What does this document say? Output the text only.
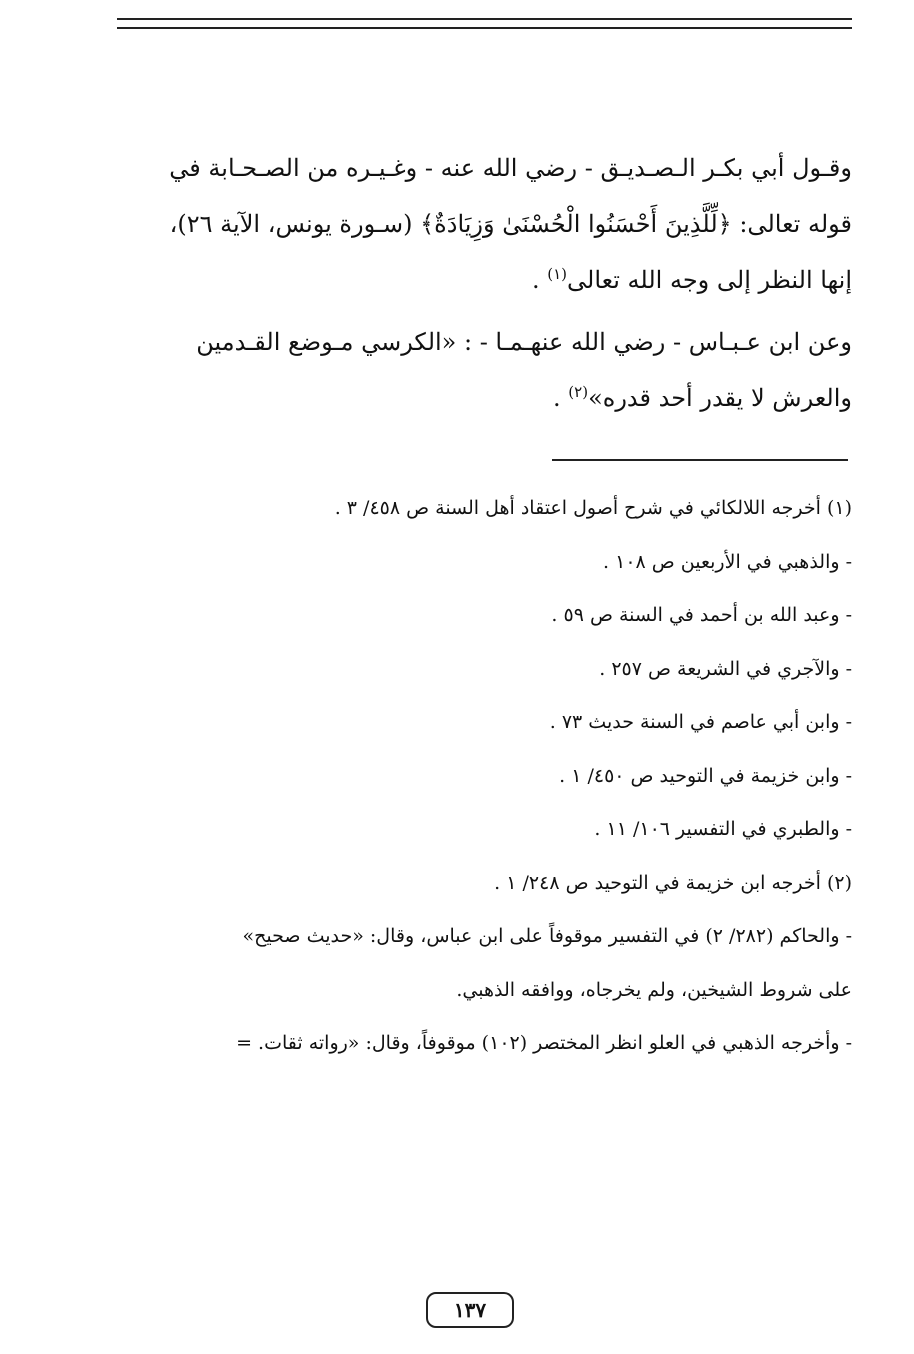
وقـول أبي بكـر الـصـديـق - رضي الله عنه - وغـيـره من الصـحـابة في
قوله تعالى: ﴿لِّلَّذِينَ أَحْسَنُوا الْحُسْنَىٰ وَزِيَادَةٌ﴾ (سـورة يونس، الآية ٢٦)،
إنها النظر إلى وجه الله تعالى$^{(١)}$ .
وعن ابن عـبـاس - رضي الله عنهـمـا - : «الكرسي مـوضع القـدمين
والعرش لا يقدر أحد قدره»$^{(٢)}$ .
(١) أخرجه اللالكائي في شرح أصول اعتقاد أهل السنة ص ٤٥٨/ ٣ .
- والذهبي في الأربعين ص ١٠٨ .
- وعبد الله بن أحمد في السنة ص ٥٩ .
- والآجري في الشريعة ص ٢٥٧ .
- وابن أبي عاصم في السنة حديث ٧٣ .
- وابن خزيمة في التوحيد ص ٤٥٠/ ١ .
- والطبري في التفسير ١٠٦/ ١١ .
(٢) أخرجه ابن خزيمة في التوحيد ص ٢٤٨/ ١ .
- والحاكم (٢٨٢/ ٢) في التفسير موقوفاً على ابن عباس، وقال: «حديث صحيح»
على شروط الشيخين، ولم يخرجاه، ووافقه الذهبي.
- وأخرجه الذهبي في العلو انظر المختصر (١٠٢) موقوفاً، وقال: «رواته ثقات. =
١٣٧
